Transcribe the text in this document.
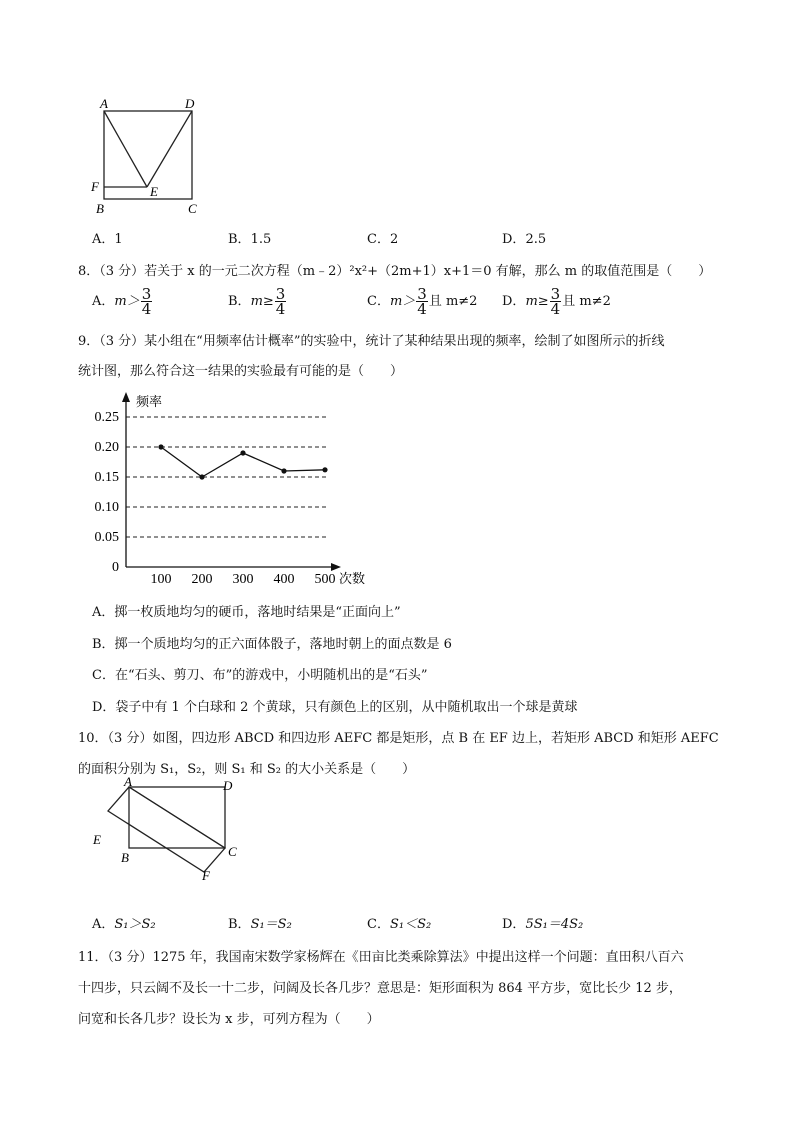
A	D
F	E
B	C
A．1	B．1.5	C．2	D．2.5
8．（3 分）若关于 x 的一元二次方程（m﹣2）²x²+（2m+1）x+1＝0 有解，那么 m 的取值范围是（　　）
A．$m> \frac{3}{4}$	B．$m\ge \frac{3}{4}$	C．$m> \frac{3}{4}$ 且 m≠2 D．$m\ge \frac{3}{4}$ 且 m≠2
9．（3 分）某小组在“用频率估计概率”的实验中，统计了某种结果出现的频率，绘制了如图所示的折线
统计图，那么符合这一结果的实验最有可能的是（　　）
0.25
0.20
0.15
0.10
0.05
0
100 200 300 400 500
频率
次数
A．掷一枚质地均匀的硬币，落地时结果是“正面向上”
B．掷一个质地均匀的正六面体骰子，落地时朝上的面点数是 6
C．在“石头、剪刀、布”的游戏中，小明随机出的是“石头”
D．袋子中有 1 个白球和 2 个黄球，只有颜色上的区别，从中随机取出一个球是黄球
10．（3 分）如图，四边形 ABCD 和四边形 AEFC 都是矩形，点 B 在 EF 边上，若矩形 ABCD 和矩形 AEFC
的面积分别为 S₁，S₂，则 S₁ 和 S₂ 的大小关系是（　　）
A	D
E
B	C
F
A．S₁＞S₂	B．S₁＝S₂	C．S₁＜S₂	D．5S₁＝4S₂
11．（3 分）1275 年，我国南宋数学家杨辉在《田亩比类乘除算法》中提出这样一个问题：直田积八百六
十四步，只云阔不及长一十二步，问阔及长各几步？意思是：矩形面积为 864 平方步，宽比长少 12 步，
问宽和长各几步？设长为 x 步，可列方程为（　　）
